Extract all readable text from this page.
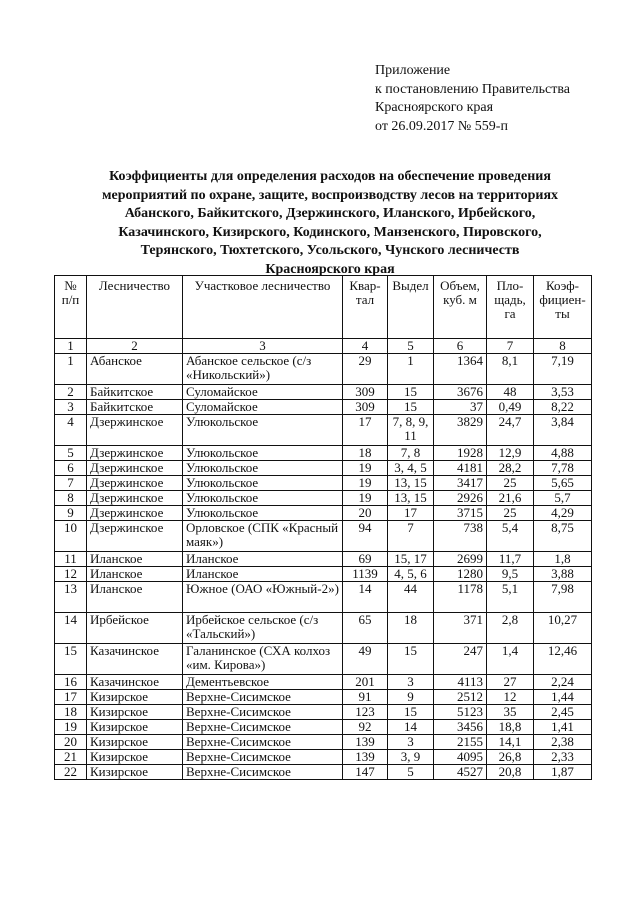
Приложение
к постановлению Правительства
Красноярского края
от 26.09.2017 № 559-п
Коэффициенты для определения расходов на обеспечение проведения
мероприятий по охране, защите, воспроизводству лесов на территориях
Абанского, Байкитского, Дзержинского, Иланского, Ирбейского,
Казачинского, Кизирского, Кодинского, Манзенского, Пировского,
Терянского, Тюхтетского, Усольского, Чунского лесничеств
Красноярского края
№ п/п	Лесничество	Участковое лесничество	Квар-тал	Выдел	Объем, куб. м	Пло-щадь, га	Коэф-фициен-ты
1	2	3	4	5	6	7	8
1	Абанское	Абанское сельское (с/з «Никольский»)	29	1	1364	8,1	7,19
2	Байкитское	Суломайское	309	15	3676	48	3,53
3	Байкитское	Суломайское	309	15	37	0,49	8,22
4	Дзержинское	Улюкольское	17	7, 8, 9, 11	3829	24,7	3,84
5	Дзержинское	Улюкольское	18	7, 8	1928	12,9	4,88
6	Дзержинское	Улюкольское	19	3, 4, 5	4181	28,2	7,78
7	Дзержинское	Улюкольское	19	13, 15	3417	25	5,65
8	Дзержинское	Улюкольское	19	13, 15	2926	21,6	5,7
9	Дзержинское	Улюкольское	20	17	3715	25	4,29
10	Дзержинское	Орловское (СПК «Красный маяк»)	94	7	738	5,4	8,75
11	Иланское	Иланское	69	15, 17	2699	11,7	1,8
12	Иланское	Иланское	1139	4, 5, 6	1280	9,5	3,88
13	Иланское	Южное (ОАО «Южный-2»)	14	44	1178	5,1	7,98
14	Ирбейское	Ирбейское сельское (с/з «Тальский»)	65	18	371	2,8	10,27
15	Казачинское	Галанинское (СХА колхоз «им. Кирова»)	49	15	247	1,4	12,46
16	Казачинское	Дементьевское	201	3	4113	27	2,24
17	Кизирское	Верхне-Сисимское	91	9	2512	12	1,44
18	Кизирское	Верхне-Сисимское	123	15	5123	35	2,45
19	Кизирское	Верхне-Сисимское	92	14	3456	18,8	1,41
20	Кизирское	Верхне-Сисимское	139	3	2155	14,1	2,38
21	Кизирское	Верхне-Сисимское	139	3, 9	4095	26,8	2,33
22	Кизирское	Верхне-Сисимское	147	5	4527	20,8	1,87
